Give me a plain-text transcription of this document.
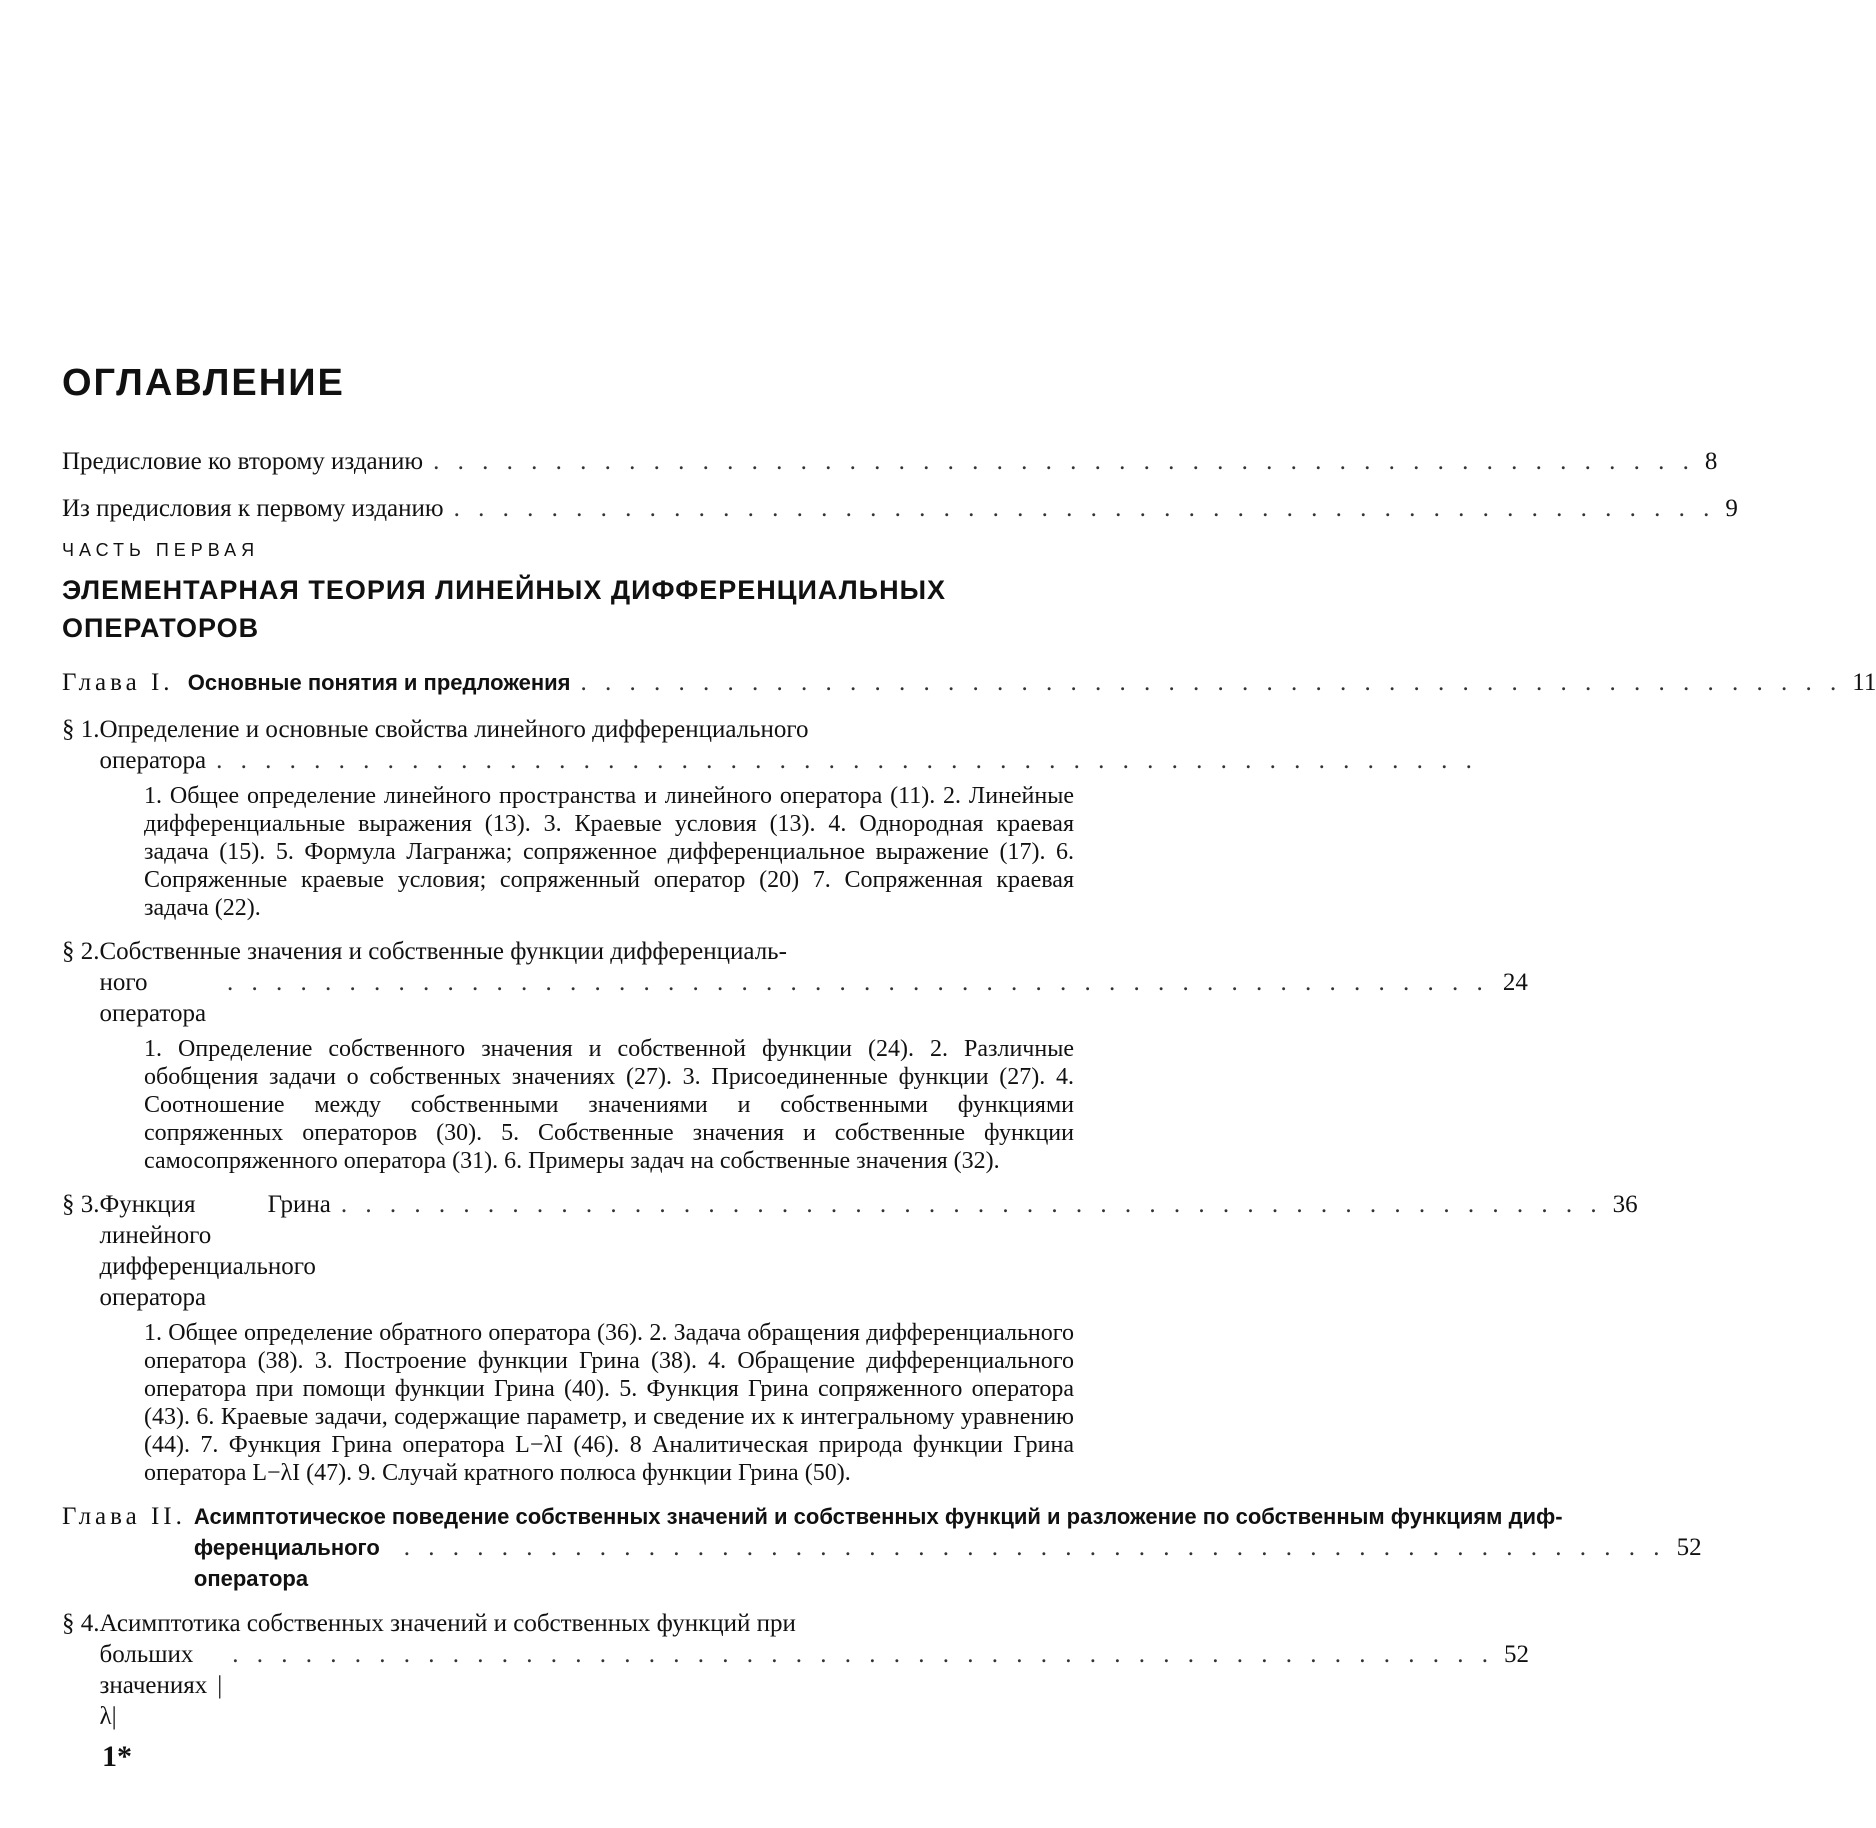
ОГЛАВЛЕНИЕ
Предисловие ко второму изданию . . . . . . . . . . . . . . . . . . . . . . . . . . . . . . . . . . . . . . . . . . . . . . . . . . . . 8
Из предисловия к первому изданию . . . . . . . . . . . . . . . . . . . . . . . . . . . . . . . . . . . . . . . . . . . . . . . . . . . . 9
ЧАСТЬ ПЕРВАЯ
ЭЛЕМЕНТАРНАЯ ТЕОРИЯ ЛИНЕЙНЫХ ДИФФЕРЕНЦИАЛЬНЫХ ОПЕРАТОРОВ
Глава I. Основные понятия и предложения . . . . . . . . . . . . . . . . . . . . . . . . . . . . . . . . . . . . . . . . . . . . . . . . . . . . 11
§ 1. Определение и основные свойства линейного дифференциального
оператора . . . . . . . . . . . . . . . . . . . . . . . . . . . . . . . . . . . . . . . . . . . . . . . . . . . .
1. Общее определение линейного пространства и линейного оператора (11). 2. Линейные дифференциальные выражения (13). 3. Краевые условия (13). 4. Однородная краевая задача (15). 5. Формула Лагранжа; сопряженное дифференциальное выражение (17). 6. Сопряженные краевые условия; сопряженный оператор (20) 7. Сопряженная краевая задача (22).
§ 2. Собственные значения и собственные функции дифференциаль-
ного оператора
. . . . . . . . . . . . . . . . . . . . . . . . . . . . . . . . . . . . . . . . . . . . . . . . . . . . 24
1. Определение собственного значения и собственной функции (24). 2. Различные обобщения задачи о собственных значениях (27). 3. Присоединенные функции (27). 4. Соотношение между собственными значениями и собственными функциями сопряженных операторов (30). 5. Собственные значения и собственные функции самосопряженного оператора (31). 6. Примеры задач на собственные значения (32).
§ 3. Функция Грина линейного дифференциального оператора
. . . . . . . . . . . . . . . . . . . . . . . . . . . . . . . . . . . . . . . . . . . . . . . . . . . . 36
1. Общее определение обратного оператора (36). 2. Задача обращения дифференциального оператора (38). 3. Построение функции Грина (38). 4. Обращение дифференциального оператора при помощи функции Грина (40). 5. Функция Грина сопряженного оператора (43). 6. Краевые задачи, содержащие параметр, и сведение их к интегральному уравнению (44). 7. Функция Грина оператора L−λI (46). 8 Аналитическая природа функции Грина оператора L−λI (47). 9. Случай кратного полюса функции Грина (50).
Глава II. Асимптотическое поведение собственных значений и собственных функций и разложение по собственным функциям диф-
ференциального оператора
. . . . . . . . . . . . . . . . . . . . . . . . . . . . . . . . . . . . . . . . . . . . . . . . . . . . 52
§ 4. Асимптотика собственных значений и собственных функций при
больших значениях |λ|
. . . . . . . . . . . . . . . . . . . . . . . . . . . . . . . . . . . . . . . . . . . . . . . . . . . . 52
1*
